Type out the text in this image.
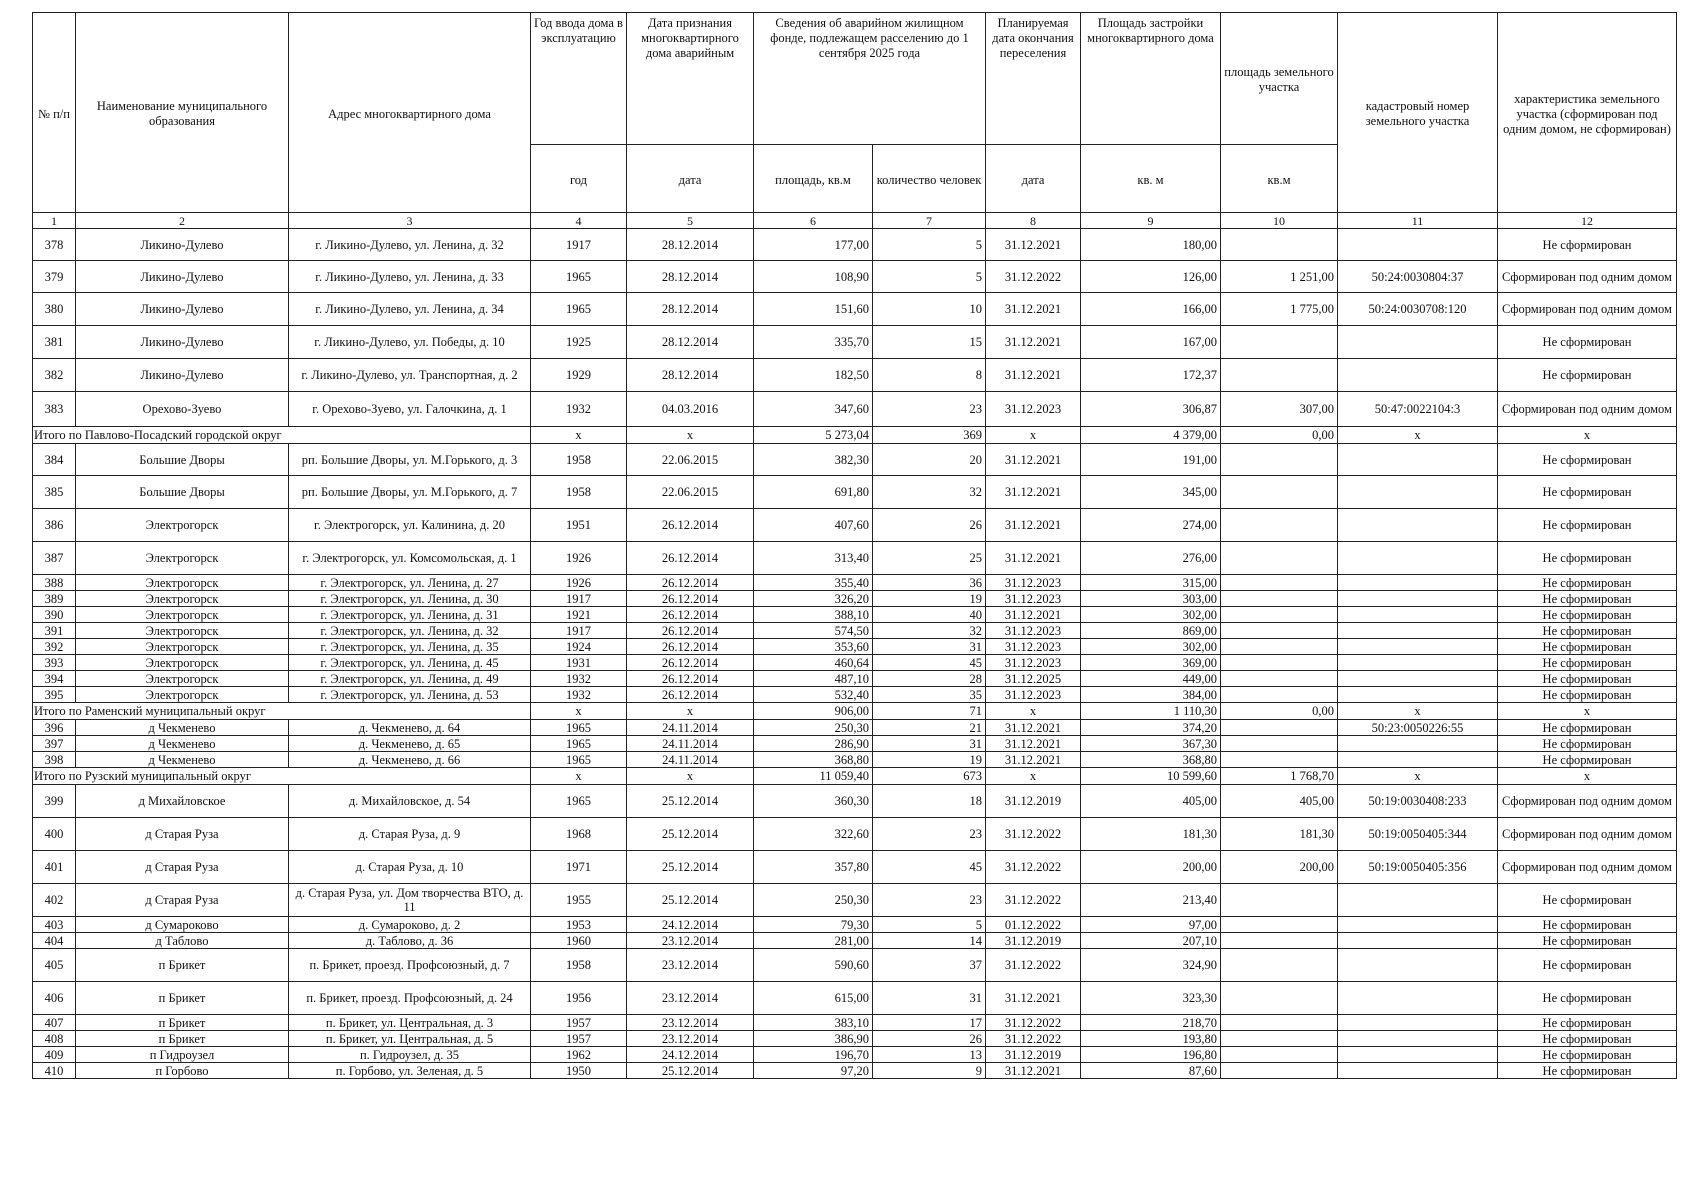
№ п/п	Наименование муниципального образования	Адрес многоквартирного дома	Год ввода дома в эксплуатацию	Дата признания многоквартирного дома аварийным	Сведения об аварийном жилищном фонде, подлежащем расселению до 1 сентября 2025 года		Планируемая дата окончания переселения	Площадь застройки многоквартирного дома	площадь земельного участка	кадастровый номер земельного участка	характеристика земельного участка (сформирован под одним домом, не сформирован)
			год	дата	площадь, кв.м	количество человек	дата	кв. м	кв.м		
1	2	3	4	5	6	7	8	9	10	11	12
378	Ликино-Дулево	г. Ликино-Дулево, ул. Ленина, д. 32	1917	28.12.2014	177,00	5	31.12.2021	180,00			Не сформирован
379	Ликино-Дулево	г. Ликино-Дулево, ул. Ленина, д. 33	1965	28.12.2014	108,90	5	31.12.2022	126,00	1 251,00	50:24:0030804:37	Сформирован под одним домом
380	Ликино-Дулево	г. Ликино-Дулево, ул. Ленина, д. 34	1965	28.12.2014	151,60	10	31.12.2021	166,00	1 775,00	50:24:0030708:120	Сформирован под одним домом
381	Ликино-Дулево	г. Ликино-Дулево, ул. Победы, д. 10	1925	28.12.2014	335,70	15	31.12.2021	167,00			Не сформирован
382	Ликино-Дулево	г. Ликино-Дулево, ул. Транспортная, д. 2	1929	28.12.2014	182,50	8	31.12.2021	172,37			Не сформирован
383	Орехово-Зуево	г. Орехово-Зуево, ул. Галочкина, д. 1	1932	04.03.2016	347,60	23	31.12.2023	306,87	307,00	50:47:0022104:3	Сформирован под одним домом
Итого по Павлово-Посадский городской округ			x	x	5 273,04	369	x	4 379,00	0,00	x	x
384	Большие Дворы	рп. Большие Дворы, ул. М.Горького, д. 3	1958	22.06.2015	382,30	20	31.12.2021	191,00			Не сформирован
385	Большие Дворы	рп. Большие Дворы, ул. М.Горького, д. 7	1958	22.06.2015	691,80	32	31.12.2021	345,00			Не сформирован
386	Электрогорск	г. Электрогорск, ул. Калинина, д. 20	1951	26.12.2014	407,60	26	31.12.2021	274,00			Не сформирован
387	Электрогорск	г. Электрогорск, ул. Комсомольская, д. 1	1926	26.12.2014	313,40	25	31.12.2021	276,00			Не сформирован
388	Электрогорск	г. Электрогорск, ул. Ленина, д. 27	1926	26.12.2014	355,40	36	31.12.2023	315,00			Не сформирован
389	Электрогорск	г. Электрогорск, ул. Ленина, д. 30	1917	26.12.2014	326,20	19	31.12.2023	303,00			Не сформирован
390	Электрогорск	г. Электрогорск, ул. Ленина, д. 31	1921	26.12.2014	388,10	40	31.12.2021	302,00			Не сформирован
391	Электрогорск	г. Электрогорск, ул. Ленина, д. 32	1917	26.12.2014	574,50	32	31.12.2023	869,00			Не сформирован
392	Электрогорск	г. Электрогорск, ул. Ленина, д. 35	1924	26.12.2014	353,60	31	31.12.2023	302,00			Не сформирован
393	Электрогорск	г. Электрогорск, ул. Ленина, д. 45	1931	26.12.2014	460,64	45	31.12.2023	369,00			Не сформирован
394	Электрогорск	г. Электрогорск, ул. Ленина, д. 49	1932	26.12.2014	487,10	28	31.12.2025	449,00			Не сформирован
395	Электрогорск	г. Электрогорск, ул. Ленина, д. 53	1932	26.12.2014	532,40	35	31.12.2023	384,00			Не сформирован
Итого по Раменский муниципальный округ			x	x	906,00	71	x	1 110,30	0,00	x	x
396	д Чекменево	д. Чекменево, д. 64	1965	24.11.2014	250,30	21	31.12.2021	374,20		50:23:0050226:55	Не сформирован
397	д Чекменево	д. Чекменево, д. 65	1965	24.11.2014	286,90	31	31.12.2021	367,30			Не сформирован
398	д Чекменево	д. Чекменево, д. 66	1965	24.11.2014	368,80	19	31.12.2021	368,80			Не сформирован
Итого по Рузский муниципальный округ			x	x	11 059,40	673	x	10 599,60	1 768,70	x	x
399	д Михайловское	д. Михайловское, д. 54	1965	25.12.2014	360,30	18	31.12.2019	405,00	405,00	50:19:0030408:233	Сформирован под одним домом
400	д Старая Руза	д. Старая Руза, д. 9	1968	25.12.2014	322,60	23	31.12.2022	181,30	181,30	50:19:0050405:344	Сформирован под одним домом
401	д Старая Руза	д. Старая Руза, д. 10	1971	25.12.2014	357,80	45	31.12.2022	200,00	200,00	50:19:0050405:356	Сформирован под одним домом
402	д Старая Руза	д. Старая Руза, ул. Дом творчества ВТО, д. 11	1955	25.12.2014	250,30	23	31.12.2022	213,40			Не сформирован
403	д Сумароково	д. Сумароково, д. 2	1953	24.12.2014	79,30	5	01.12.2022	97,00			Не сформирован
404	д Таблово	д. Таблово, д. 36	1960	23.12.2014	281,00	14	31.12.2019	207,10			Не сформирован
405	п Брикет	п. Брикет, проезд. Профсоюзный, д. 7	1958	23.12.2014	590,60	37	31.12.2022	324,90			Не сформирован
406	п Брикет	п. Брикет, проезд. Профсоюзный, д. 24	1956	23.12.2014	615,00	31	31.12.2021	323,30			Не сформирован
407	п Брикет	п. Брикет, ул. Центральная, д. 3	1957	23.12.2014	383,10	17	31.12.2022	218,70			Не сформирован
408	п Брикет	п. Брикет, ул. Центральная, д. 5	1957	23.12.2014	386,90	26	31.12.2022	193,80			Не сформирован
409	п Гидроузел	п. Гидроузел, д. 35	1962	24.12.2014	196,70	13	31.12.2019	196,80			Не сформирован
410	п Горбово	п. Горбово, ул. Зеленая, д. 5	1950	25.12.2014	97,20	9	31.12.2021	87,60			Не сформирован
